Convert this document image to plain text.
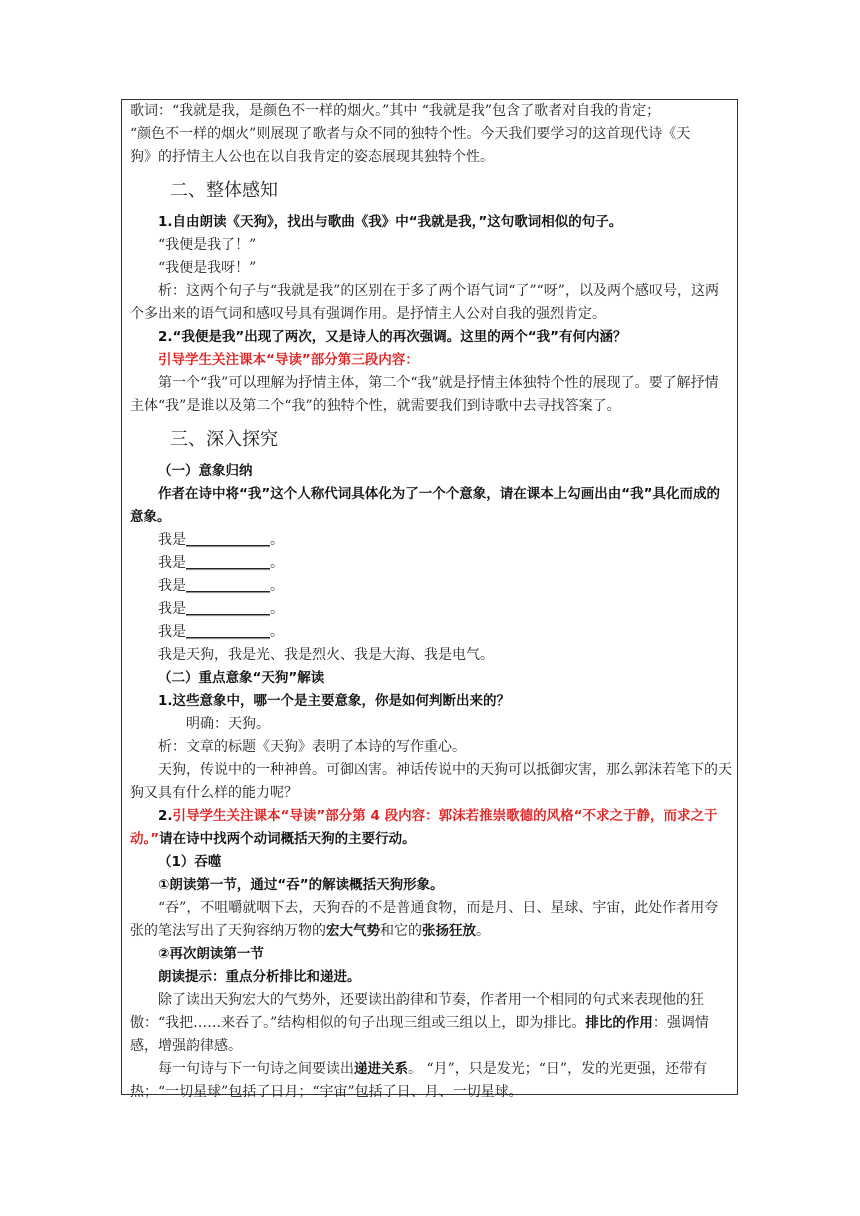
歌词：“我就是我，是颜色不一样的烟火。”其中 “我就是我”包含了歌者对自我的肯定；

“颜色不一样的烟火”则展现了歌者与众不同的独特个性。今天我们要学习的这首现代诗《天

狗》的抒情主人公也在以自我肯定的姿态展现其独特个性。

二、整体感知

1.自由朗读《天狗》，找出与歌曲《我》中“我就是我，”这句歌词相似的句子。

“我便是我了！”

“我便是我呀！”

析：这两个句子与“我就是我”的区别在于多了两个语气词“了”“呀”，以及两个感叹号，这两个多出来的语气词和感叹号具有强调作用。是抒情主人公对自我的强烈肯定。

2.“我便是我”出现了两次，又是诗人的再次强调。这里的两个“我”有何内涵？

引导学生关注课本“导读”部分第三段内容：

第一个“我”可以理解为抒情主体，第二个“我”就是抒情主体独特个性的展现了。要了解抒情主体“我”是谁以及第二个“我”的独特个性，就需要我们到诗歌中去寻找答案了。

三、深入探究

（一）意象归纳

作者在诗中将“我”这个人称代词具体化为了一个个意象，请在课本上勾画出由“我”具化而成的意象。

我是____________。

我是____________。

我是____________。

我是____________。

我是____________。

我是天狗，我是光、我是烈火、我是大海、我是电气。

（二）重点意象“天狗”解读

1.这些意象中，哪一个是主要意象，你是如何判断出来的？

明确：天狗。

析：文章的标题《天狗》表明了本诗的写作重心。

天狗，传说中的一种神兽。可御凶害。神话传说中的天狗可以抵御灾害，那么郭沫若笔下的天狗又具有什么样的能力呢？

2.引导学生关注课本“导读”部分第 4 段内容：郭沫若推崇歌德的风格“不求之于静，而求之于动。”请在诗中找两个动词概括天狗的主要行动。

（1）吞噬

①朗读第一节，通过“吞”的解读概括天狗形象。

“吞”，不咀嚼就咽下去，天狗吞的不是普通食物，而是月、日、星球、宇宙，此处作者用夸张的笔法写出了天狗容纳万物的宏大气势和它的张扬狂放。

②再次朗读第一节

朗读提示：重点分析排比和递进。

除了读出天狗宏大的气势外，还要读出韵律和节奏，作者用一个相同的句式来表现他的狂傲：“我把……来吞了。”结构相似的句子出现三组或三组以上，即为排比。排比的作用：强调情感，增强韵律感。

每一句诗与下一句诗之间要读出递进关系。 “月”，只是发光；“日”，发的光更强，还带有热；“一切星球”包括了日月；“宇宙”包括了日、月、一切星球。
